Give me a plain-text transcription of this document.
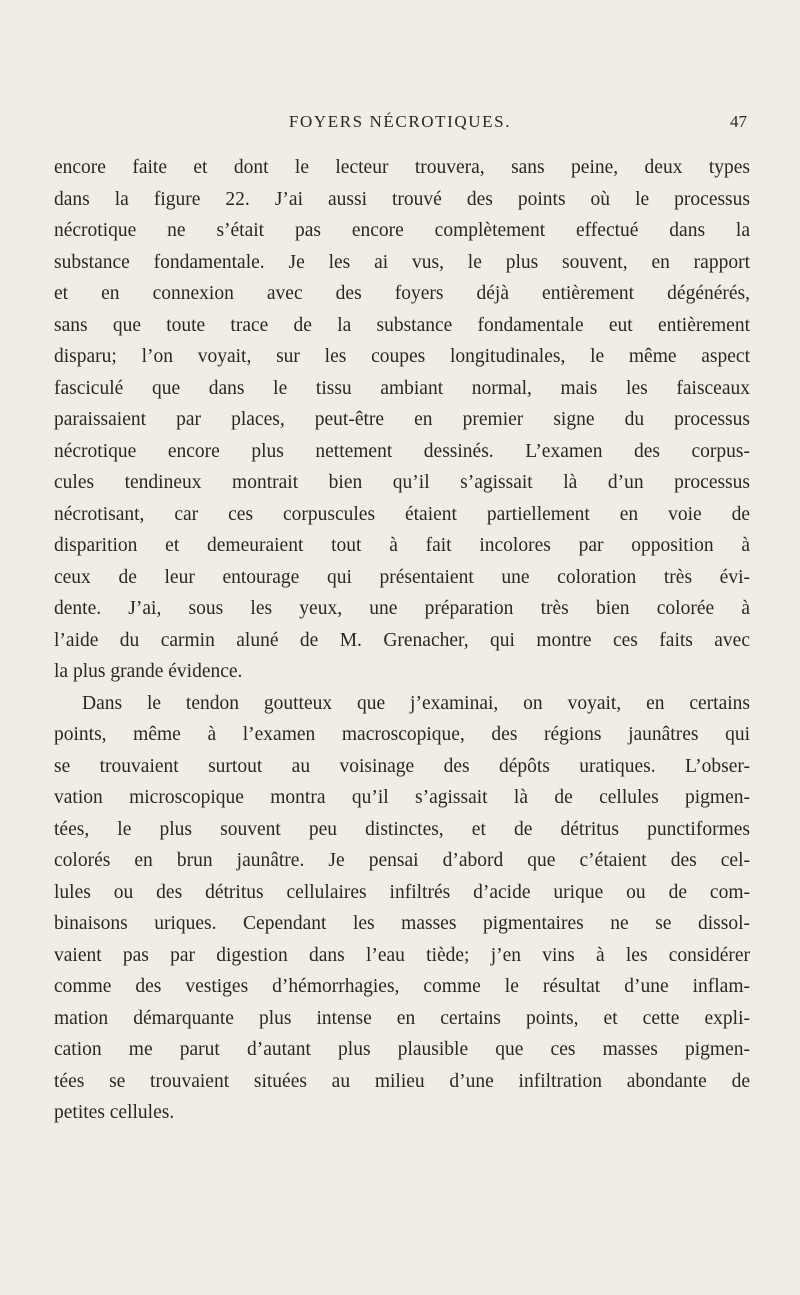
FOYERS NÉCROTIQUES.	47
encore faite et dont le lecteur trouvera, sans peine, deux types
dans la figure 22. J’ai aussi trouvé des points où le processus
nécrotique ne s’était pas encore complètement effectué dans la
substance fondamentale. Je les ai vus, le plus souvent, en rapport
et en connexion avec des foyers déjà entièrement dégénérés,
sans que toute trace de la substance fondamentale eut entièrement
disparu; l’on voyait, sur les coupes longitudinales, le même aspect
fasciculé que dans le tissu ambiant normal, mais les faisceaux
paraissaient par places, peut-être en premier signe du processus
nécrotique encore plus nettement dessinés. L’examen des corpus-
cules tendineux montrait bien qu’il s’agissait là d’un processus
nécrotisant, car ces corpuscules étaient partiellement en voie de
disparition et demeuraient tout à fait incolores par opposition à
ceux de leur entourage qui présentaient une coloration très évi-
dente. J’ai, sous les yeux, une préparation très bien colorée à
l’aide du carmin aluné de M. Grenacher, qui montre ces faits avec
la plus grande évidence.
Dans le tendon goutteux que j’examinai, on voyait, en certains
points, même à l’examen macroscopique, des régions jaunâtres qui
se trouvaient surtout au voisinage des dépôts uratiques. L’obser-
vation microscopique montra qu’il s’agissait là de cellules pigmen-
tées, le plus souvent peu distinctes, et de détritus punctiformes
colorés en brun jaunâtre. Je pensai d’abord que c’étaient des cel-
lules ou des détritus cellulaires infiltrés d’acide urique ou de com-
binaisons uriques. Cependant les masses pigmentaires ne se dissol-
vaient pas par digestion dans l’eau tiède; j’en vins à les considérer
comme des vestiges d’hémorrhagies, comme le résultat d’une inflam-
mation démarquante plus intense en certains points, et cette expli-
cation me parut d’autant plus plausible que ces masses pigmen-
tées se trouvaient situées au milieu d’une infiltration abondante de
petites cellules.
